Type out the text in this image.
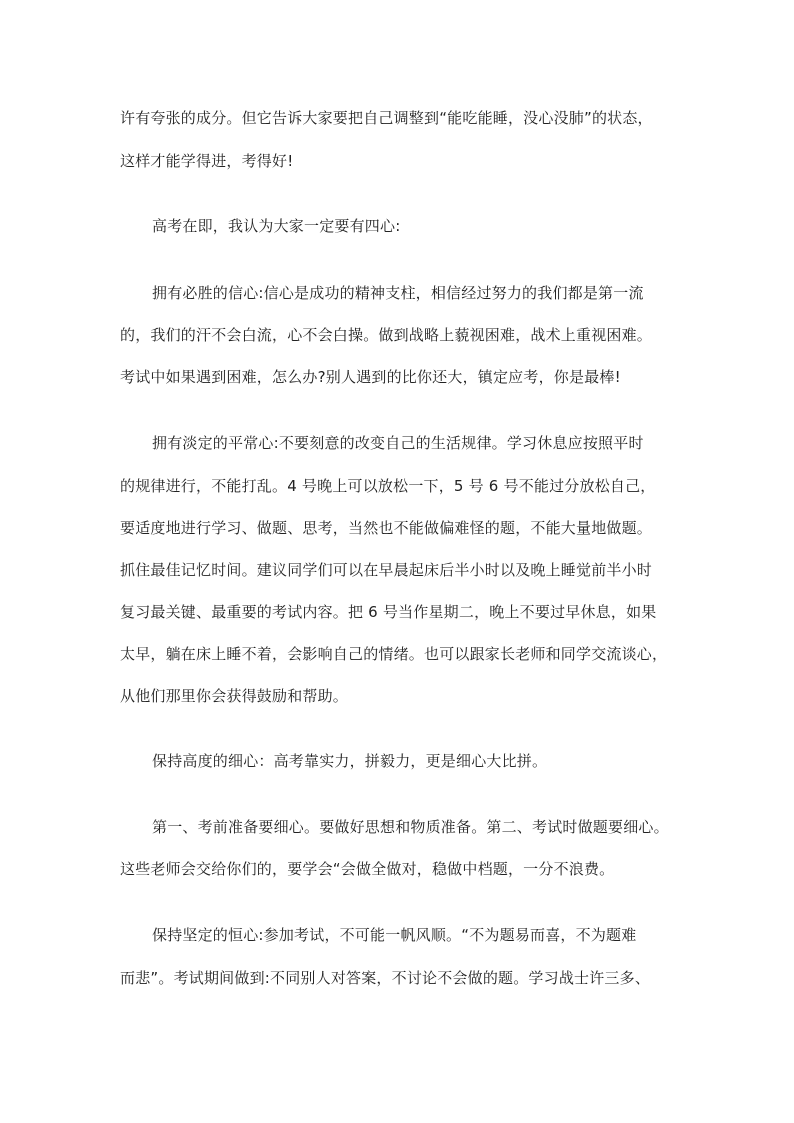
许有夸张的成分。但它告诉大家要把自己调整到“能吃能睡，没心没肺”的状态，
这样才能学得进，考得好!
高考在即，我认为大家一定要有四心:
拥有必胜的信心:信心是成功的精神支柱，相信经过努力的我们都是第一流
的，我们的汗不会白流，心不会白操。做到战略上藐视困难，战术上重视困难。
考试中如果遇到困难，怎么办?别人遇到的比你还大，镇定应考，你是最棒!
拥有淡定的平常心:不要刻意的改变自己的生活规律。学习休息应按照平时
的规律进行，不能打乱。4 号晚上可以放松一下，5 号 6 号不能过分放松自己，
要适度地进行学习、做题、思考，当然也不能做偏难怪的题，不能大量地做题。
抓住最佳记忆时间。建议同学们可以在早晨起床后半小时以及晚上睡觉前半小时
复习最关键、最重要的考试内容。把 6 号当作星期二，晚上不要过早休息，如果
太早，躺在床上睡不着，会影响自己的情绪。也可以跟家长老师和同学交流谈心，
从他们那里你会获得鼓励和帮助。
保持高度的细心：高考靠实力，拼毅力，更是细心大比拼。
第一、考前准备要细心。要做好思想和物质准备。第二、考试时做题要细心。
这些老师会交给你们的，要学会“会做全做对，稳做中档题，一分不浪费。
保持坚定的恒心:参加考试，不可能一帆风顺。“不为题易而喜，不为题难
而悲”。考试期间做到:不同别人对答案，不讨论不会做的题。学习战士许三多、
